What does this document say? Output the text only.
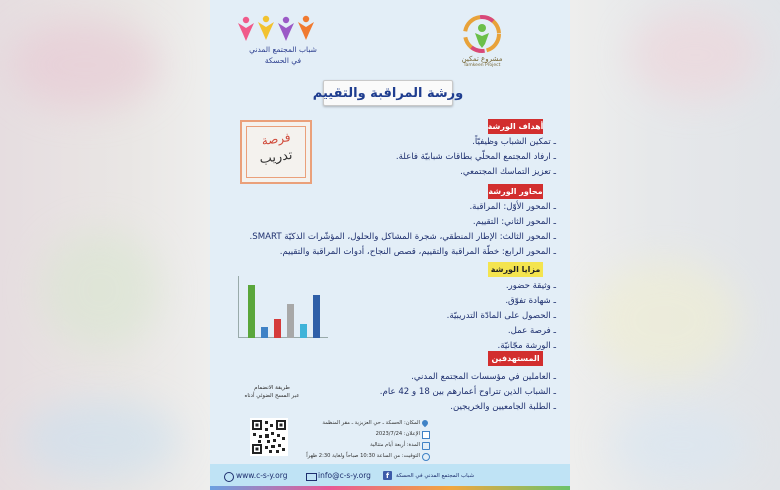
شباب المجتمع المدني
في الحسكة	مشروع تمكين
Tamkeen Project
ورشة المراقبة والتقييم
فرصة
تدريب
أهداف الورشة
ـ تمكين الشباب وظيفيّاً.
ـ ارفاد المجتمع المحلّي بطاقات شبابيّة فاعلة.
ـ تعزيز التماسك المجتمعي.
محاور الورشة
ـ المحور الأوّل: المراقبة.
ـ المحور الثاني: التقييم.
ـ المحور الثالث: الإطار المنطقي، شجرة المشاكل والحلول، المؤشّرات الذكيّة SMART.
ـ المحور الرابع: خطّة المراقبة والتقييم، قصص النجاح، أدوات المراقبة والتقييم.
مزايا الورشة
ـ وثيقة حضور.
ـ شهادة تفوّق.
ـ الحصول على المادّة التدريبيّة.
ـ فرصة عمل.
ـ الورشة مجّانيّة.
المستهدفين
ـ العاملين في مؤسسات المجتمع المدني.
ـ الشباب الذين تتراوح أعمارهم بين 18 و 42 عام.
ـ الطلبة الجامعيين والخريجين.
طريقة الانضمام
عبر المسح الضوئي أدناه
المكان: الحسكة ـ حي العزيزية ـ مقر المنظمة
الإعلان: 2023/7/24
المدة: أربعة أيام متتالية
التوقيت: من الساعة 10:30 صباحاً ولغاية 2:30 ظهراً
www.c-s-y.org	info@c-s-y.org	f	شباب المجتمع المدني في الحسكة
